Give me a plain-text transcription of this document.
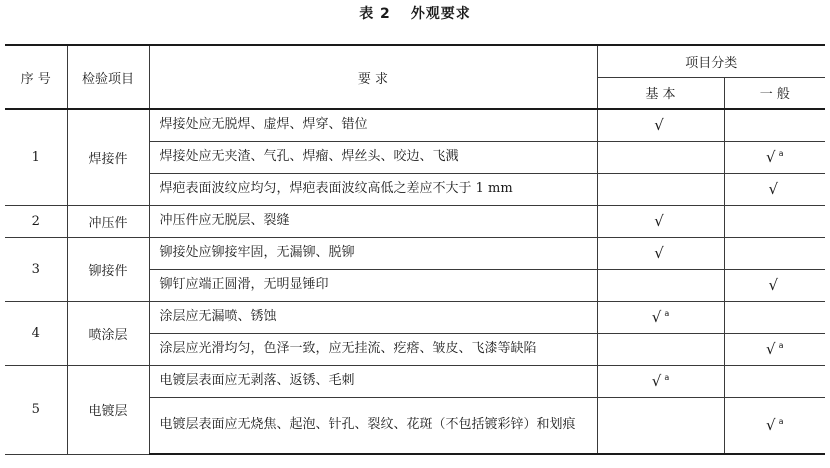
表 2 外观要求
序 号	检验项目	要 求	项目分类	
			基 本	一 般
1	焊接件	焊接处应无脱焊、虚焊、焊穿、错位	√	
		焊接处应无夹渣、气孔、焊瘤、焊丝头、咬边、飞溅		√ $^a$
		焊疤表面波纹应均匀，焊疤表面波纹高低之差应不大于 1 mm		√
2	冲压件	冲压件应无脱层、裂缝	√	
3	铆接件	铆接处应铆接牢固，无漏铆、脱铆	√	
		铆钉应端正圆滑，无明显锤印		√
4	喷涂层	涂层应无漏喷、锈蚀	√ $^a$	
		涂层应光滑均匀，色泽一致，应无挂流、疙瘩、皱皮、飞漆等缺陷		√ $^a$
5	电镀层	电镀层表面应无剥落、返锈、毛刺	√ $^a$	
		电镀层表面应无烧焦、起泡、针孔、裂纹、花斑（不包括镀彩锌）和划痕		√ $^a$
